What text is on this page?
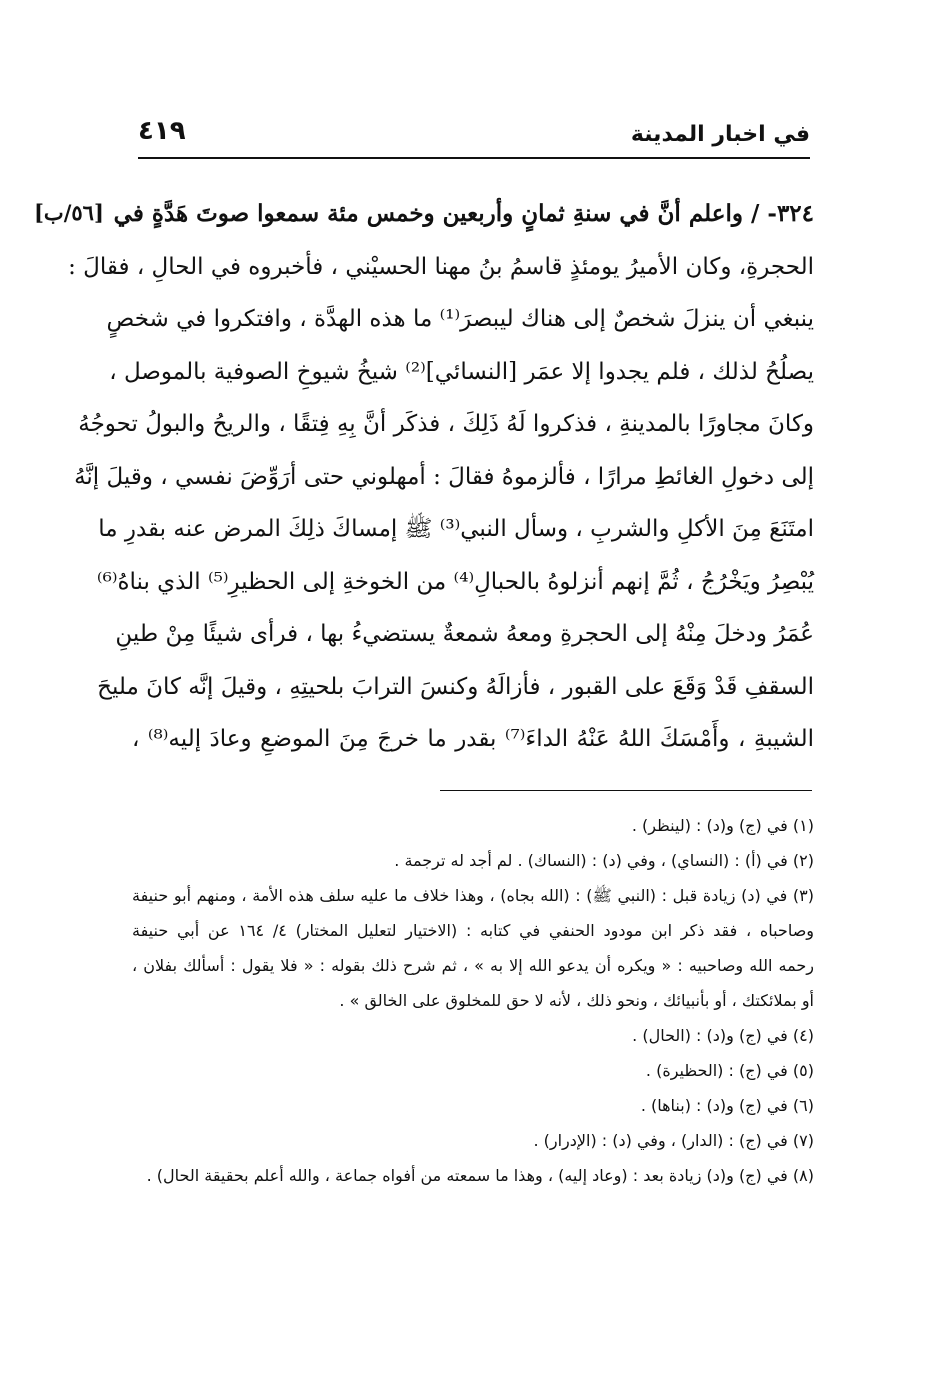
في اخبار المدينة
٤١٩
[٥٦/ب] ٣٢٤- / واعلم أنَّ في سنةِ ثمانٍ وأربعين وخمس مئة سمعوا صوتَ هَدَّةٍ في
الحجرةِ، وكان الأميرُ يومئذٍ قاسمُ بنُ مهنا الحسيْني ، فأخبروه في الحالِ ، فقالَ :
ينبغي أن ينزلَ شخصٌ إلى هناك ليبصرَ⁽¹⁾ ما هذه الهدَّة ، وافتكروا في شخصٍ
يصلُحُ لذلك ، فلم يجدوا إلا عمَر [النسائي]⁽²⁾ شيخُ شيوخِ الصوفية بالموصل ،
وكانَ مجاورًا بالمدينةِ ، فذكروا لَهُ ذَلِكَ ، فذكَر أنَّ بِهِ فِتقًا ، والريحُ والبولُ تحوجُهُ
إلى دخولِ الغائطِ مرارًا ، فألزموهُ فقالَ : أمهلوني حتى أرَوِّضَ نفسي ، وقيلَ إنَّهُ
امتَنَعَ مِنَ الأكلِ والشربِ ، وسأل النبي⁽³⁾ ﷺ إمساكَ ذلِكَ المرض عنه بقدرِ ما
يُبْصِرُ ويَخْرُجُ ، ثُمَّ إنهم أنزلوهُ بالحبالِ⁽⁴⁾ من الخوخةِ إلى الحظيرِ⁽⁵⁾ الذي بناهُ⁽⁶⁾
عُمَرُ ودخلَ مِنْهُ إلى الحجرةِ ومعهُ شمعةٌ يستضيءُ بها ، فرأى شيئًا مِنْ طينِ
السقفِ قَدْ وَقَعَ على القبور ، فأزالَهُ وكنسَ الترابَ بلحيتِهِ ، وقيلَ إنَّه كانَ مليحَ
الشيبةِ ، وأَمْسَكَ اللهُ عَنْهُ الداءَ⁽⁷⁾ بقدر ما خرجَ مِنَ الموضعِ وعادَ إليه⁽⁸⁾ ،
(١) في (ج) و(د) : (لينظر) .
(٢) في (أ) : (النساي) ، وفي (د) : (النساك) . لم أجد له ترجمة .
(٣) في (د) زيادة قبل : (النبي ﷺ) : (الله بجاه) ، وهذا خلاف ما عليه سلف هذه الأمة ، ومنهم أبو حنيفة
وصاحباه ، فقد ذكر ابن مودود الحنفي في كتابه : (الاختيار لتعليل المختار) ٤/ ١٦٤ عن أبي حنيفة
رحمه الله وصاحبيه : « ويكره أن يدعو الله إلا به » ، ثم شرح ذلك بقوله : « فلا يقول : أسألك بفلان ،
أو بملائكتك ، أو بأنبيائك ، ونحو ذلك ، لأنه لا حق للمخلوق على الخالق » .
(٤) في (ج) و(د) : (الحال) .
(٥) في (ج) : (الحظيرة) .
(٦) في (ج) و(د) : (بناها) .
(٧) في (ج) : (الدار) ، وفي (د) : (الإدرار) .
(٨) في (ج) و(د) زيادة بعد : (وعاد إليه) ، وهذا ما سمعته من أفواه جماعة ، والله أعلم بحقيقة الحال) .
